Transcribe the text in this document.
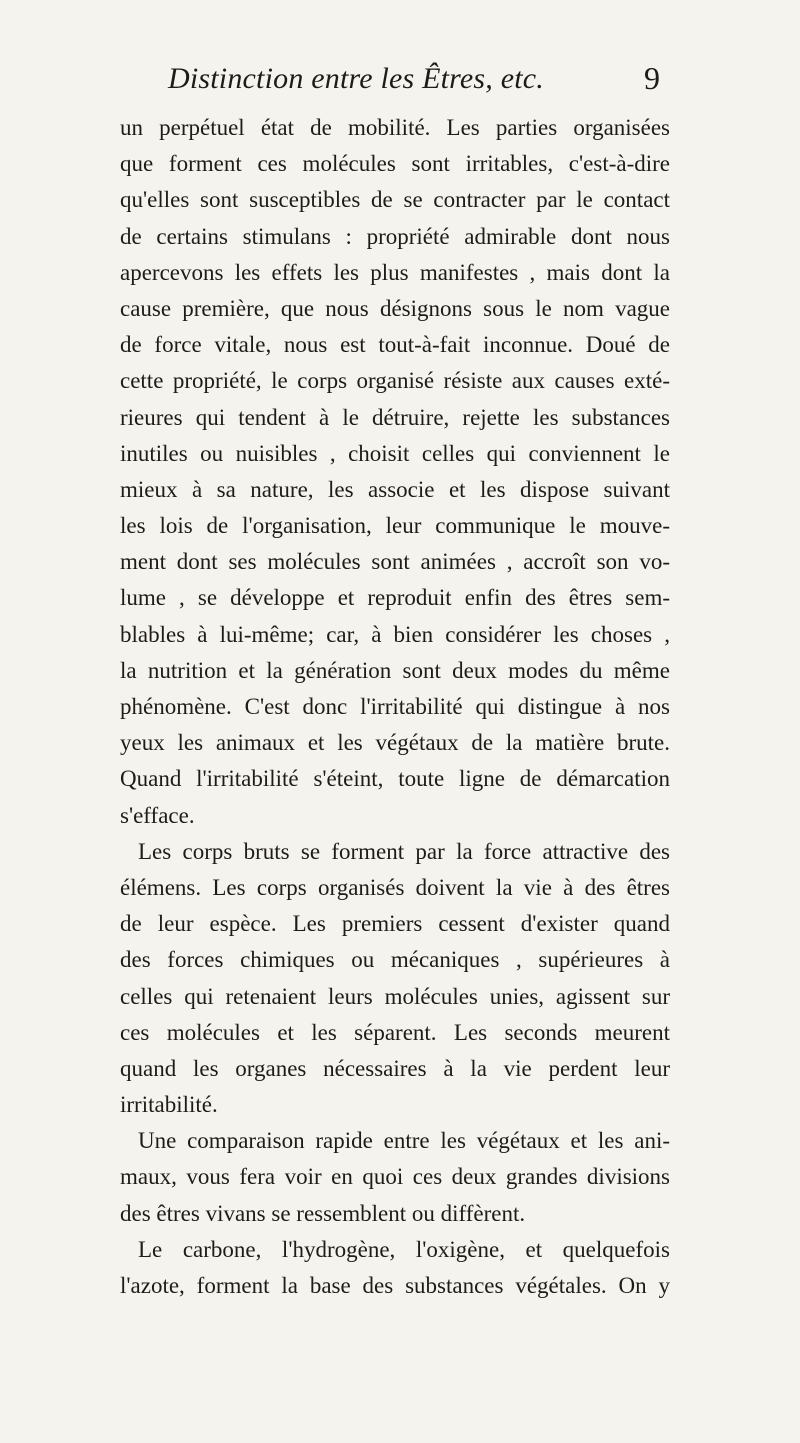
Distinction entre les Êtres, etc.	9
un perpétuel état de mobilité. Les parties organisées
que forment ces molécules sont irritables, c'est-à-dire
qu'elles sont susceptibles de se contracter par le contact
de certains stimulans : propriété admirable dont nous
apercevons les effets les plus manifestes , mais dont la
cause première, que nous désignons sous le nom vague
de force vitale, nous est tout-à-fait inconnue. Doué de
cette propriété, le corps organisé résiste aux causes exté-
rieures qui tendent à le détruire, rejette les substances
inutiles ou nuisibles , choisit celles qui conviennent le
mieux à sa nature, les associe et les dispose suivant
les lois de l'organisation, leur communique le mouve-
ment dont ses molécules sont animées , accroît son vo-
lume , se développe et reproduit enfin des êtres sem-
blables à lui-même; car, à bien considérer les choses ,
la nutrition et la génération sont deux modes du même
phénomène. C'est donc l'irritabilité qui distingue à nos
yeux les animaux et les végétaux de la matière brute.
Quand l'irritabilité s'éteint, toute ligne de démarcation
s'efface.
Les corps bruts se forment par la force attractive des
élémens. Les corps organisés doivent la vie à des êtres
de leur espèce. Les premiers cessent d'exister quand
des forces chimiques ou mécaniques , supérieures à
celles qui retenaient leurs molécules unies, agissent sur
ces molécules et les séparent. Les seconds meurent
quand les organes nécessaires à la vie perdent leur
irritabilité.
Une comparaison rapide entre les végétaux et les ani-
maux, vous fera voir en quoi ces deux grandes divisions
des êtres vivans se ressemblent ou diffèrent.
Le carbone, l'hydrogène, l'oxigène, et quelquefois
l'azote, forment la base des substances végétales. On y
